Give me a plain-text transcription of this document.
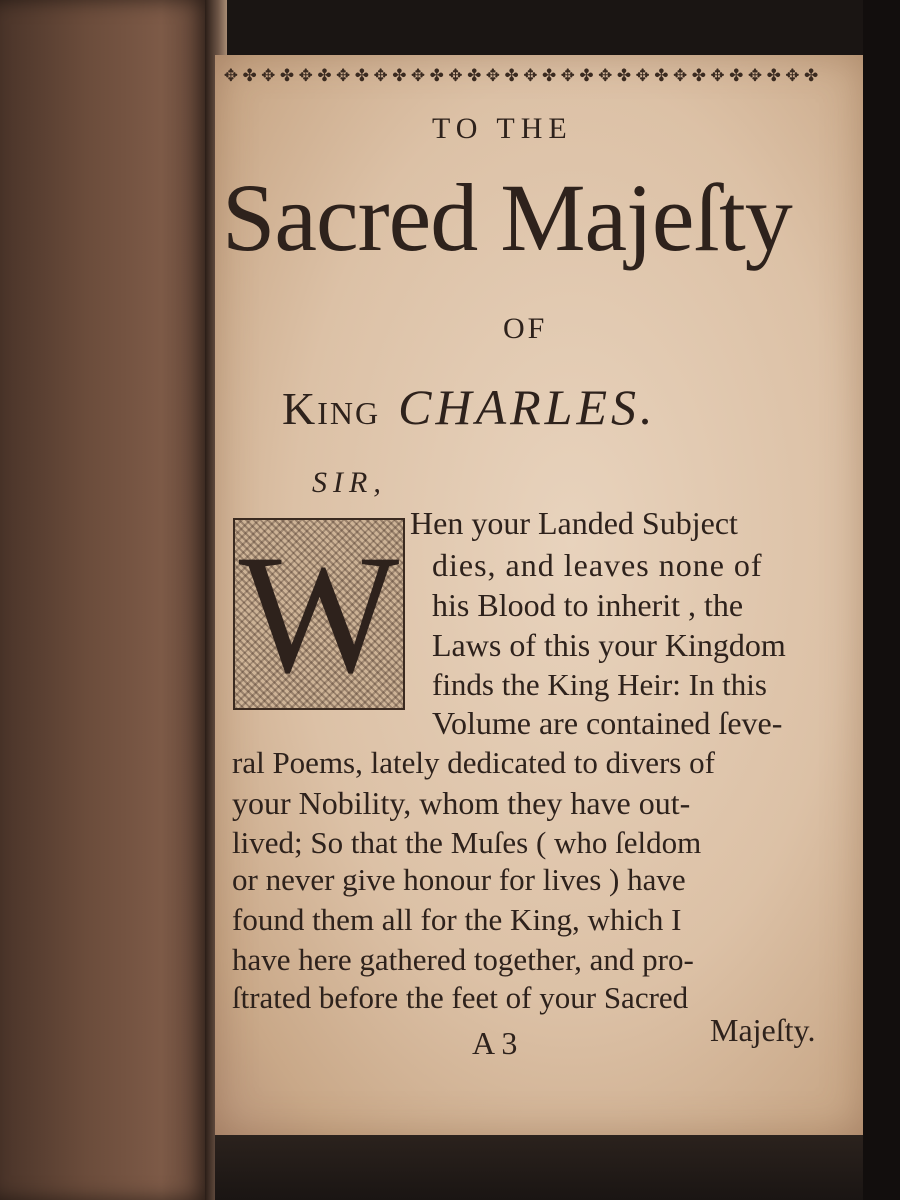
✥ ✤ ✥ ✤ ✥ ✤ ✥ ✤ ✥ ✤ ✥ ✤ ✥ ✤ ✥ ✤ ✥ ✤ ✥ ✤ ✥ ✤ ✥ ✤ ✥ ✤ ✥ ✤ ✥ ✤ ✥ ✤
TO THE
Sacred Majeſty
OF
King CHARLES.
SIR,
W Hen your Landed Subject
dies, and leaves none of
his Blood to inherit , the
Laws of this your Kingdom
finds the King Heir: In this
Volume are contained ſeve-
ral Poems, lately dedicated to divers of
your Nobility, whom they have out-
lived; So that the Muſes ( who ſeldom
or never give honour for lives ) have
found them all for the King, which I
have here gathered together, and pro-
ſtrated before the feet of your Sacred
A 3	Majeſty.
